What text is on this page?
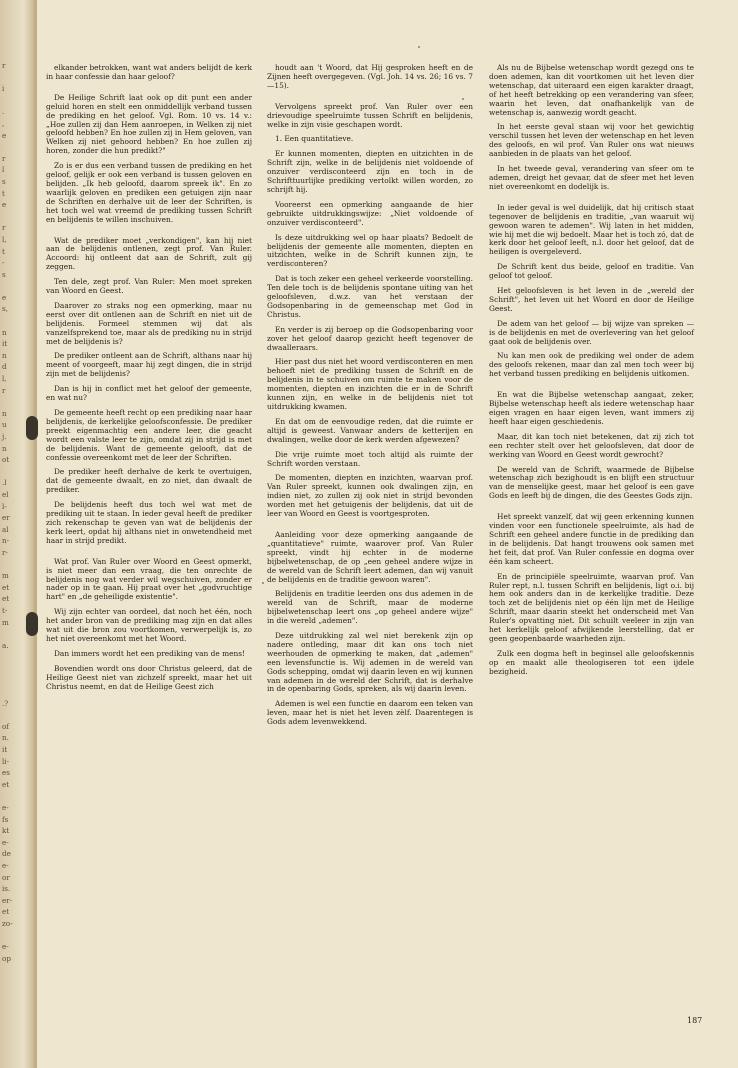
r

i

.
,
e

r
l
s
t
e

r
l,
t
-
s

e
s,

n
it
n
d
l,
r

n
u
j.
n
ot

.l
el
l-
er
al
n-
r-

m
et
et
t-
m

a.

.?

of
n.
it
li-
es
et

e-
fs
kt
e-
de
e-
or
is.
er-
et
zo-

e-
op

elkander betrokken, want wat anders belijdt de kerk in haar confessie dan haar geloof?

De Heilige Schrift laat ook op dit punt een ander geluid horen en stelt een onmiddellijk verband tussen de prediking en het geloof. Vgl. Rom. 10 vs. 14 v.: „Hoe zullen zij dan Hem aanroepen, in Welken zij niet geloofd hebben? En hoe zullen zij in Hem geloven, van Welken zij niet gehoord hebben? En hoe zullen zij horen, zonder die hun predikt?"

Zo is er dus een verband tussen de prediking en het geloof, gelijk er ook een verband is tussen geloven en belijden. „Ik heb geloofd, daarom spreek ik". En zo waarlijk geloven en prediken een getuigen zijn naar de Schriften en derhalve uit de leer der Schriften, is het toch wel wat vreemd de prediking tussen Schrift en belijdenis te willen inschuiven.

Wat de prediker moet „verkondigen", kan hij niet aan de belijdenis ontlenen, zegt prof. Van Ruler. Accoord: hij ontleent dat aan de Schrift, zult gij zeggen.

Ten dele, zegt prof. Van Ruler: Men moet spreken van Woord en Geest.

Daarover zo straks nog een opmerking, maar nu eerst over dit ontlenen aan de Schrift en niet uit de belijdenis. Formeel stemmen wij dat als vanzelfsprekend toe, maar als de prediking nu in strijd met de belijdenis is?

De prediker ontleent aan de Schrift, althans naar hij meent of voorgeeft, maar hij zegt dingen, die in strijd zijn met de belijdenis?

Dan is hij in conflict met het geloof der gemeente, en wat nu?

De gemeente heeft recht op een prediking naar haar belijdenis, de kerkelijke geloofsconfessie. De prediker preekt eigenmachtig een andere leer, die geacht wordt een valste leer te zijn, omdat zij in strijd is met de belijdenis. Want de gemeente gelooft, dat de confessie overeenkomt met de leer der Schriften.

De prediker heeft derhalve de kerk te overtuigen, dat de gemeente dwaalt, en zo niet, dan dwaalt de prediker.

De belijdenis heeft dus toch wel wat met de prediking uit te staan. In ieder geval heeft de prediker zich rekenschap te geven van wat de belijdenis der kerk leert, opdat hij althans niet in onwetendheid met haar in strijd predikt.

Wat prof. Van Ruler over Woord en Geest opmerkt, is niet meer dan een vraag, die ten onrechte de belijdenis nog wat verder wil wegschuiven, zonder er nader op in te gaan. Hij praat over het „godvruchtige hart" en „de geheiligde existentie".

Wij zijn echter van oordeel, dat noch het één, noch het ander bron van de prediking mag zijn en dat alles wat uit die bron zou voortkomen, verwerpelijk is, zo het niet overeenkomt met het Woord.

Dan immers wordt het een prediking van de mens!

Bovendien wordt ons door Christus geleerd, dat de Heilige Geest niet van zichzelf spreekt, maar het uit Christus neemt, en dat de Heilige Geest zich

houdt aan 't Woord, dat Hij gesproken heeft en de Zijnen heeft overgegeven. (Vgl. Joh. 14 vs. 26; 16 vs. 7—15).

Vervolgens spreekt prof. Van Ruler over een drievoudige speelruimte tussen Schrift en belijdenis, welke in zijn visie geschapen wordt.

1. Een quantitatieve.

Er kunnen momenten, diepten en uitzichten in de Schrift zijn, welke in de belijdenis niet voldoende of onzuiver verdisconteerd zijn en toch in de Schrifttuurlijke prediking vertolkt willen worden, zo schrijft hij.

Vooreerst een opmerking aangaande de hier gebruikte uitdrukkingswijze: „Niet voldoende of onzuiver verdisconteerd".

Is deze uitdrukking wel op haar plaats? Bedoelt de belijdenis der gemeente alle momenten, diepten en uitzichten, welke in de Schrift kunnen zijn, te verdisconteren?

Dat is toch zeker een geheel verkeerde voorstelling. Ten dele toch is de belijdenis spontane uiting van het geloofsleven, d.w.z. van het verstaan der Godsopenbaring in de gemeenschap met God in Christus.

En verder is zij beroep op die Godsopenbaring voor zover het geloof daarop gezicht heeft tegenover de dwaalleraars.

Hier past dus niet het woord verdisconteren en men behoeft niet de prediking tussen de Schrift en de belijdenis in te schuiven om ruimte te maken voor de momenten, diepten en inzichten die er in de Schrift kunnen zijn, en welke in de belijdenis niet tot uitdrukking kwamen.

En dat om de eenvoudige reden, dat die ruimte er altijd is geweest. Vanwaar anders de ketterijen en dwalingen, welke door de kerk werden afgewezen?

Die vrije ruimte moet toch altijd als ruimte der Schrift worden verstaan.

De momenten, diepten en inzichten, waarvan prof. Van Ruler spreekt, kunnen ook dwalingen zijn, en indien niet, zo zullen zij ook niet in strijd bevonden worden met het getuigenis der belijdenis, dat uit de leer van Woord en Geest is voortgesproten.

Aanleiding voor deze opmerking aangaande de „quantitatieve" ruimte, waarover prof. Van Ruler spreekt, vindt hij echter in de moderne bijbelwetenschap, de op „een geheel andere wijze in de wereld van de Schrift leert ademen, dan wij vanuit de belijdenis en de traditie gewoon waren".

Belijdenis en traditie leerden ons dus ademen in de wereld van de Schrift, maar de moderne bijbelwetenschap leert ons „op geheel andere wijze" in die wereld „ademen".

Deze uitdrukking zal wel niet berekenk zijn op nadere ontleding, maar dit kan ons toch niet weerhouden de opmerking te maken, dat „ademen" een levensfunctie is. Wij ademen in de wereld van Gods schepping, omdat wij daarin leven en wij kunnen van ademen in de wereld der Schrift, dat is derhalve in de openbaring Gods, spreken, als wij daarin leven.

Ademen is wel een functie en daarom een teken van leven, maar het is niet het leven zèlf. Daarentegen is Gods adem levenwekkend.

Als nu de Bijbelse wetenschap wordt gezegd ons te doen ademen, kan dit voortkomen uit het leven dier wetenschap, dat uiteraard een eigen karakter draagt, of het heeft betrekking op een verandering van sfeer, waarin het leven, dat onafhankelijk van de wetenschap is, aanwezig wordt geacht.

In het eerste geval staan wij voor het gewichtig verschil tussen het leven der wetenschap en het leven des geloofs, en wil prof. Van Ruler ons wat nieuws aanbieden in de plaats van het geloof.

In het tweede geval, verandering van sfeer om te ademen, dreigt het gevaar, dat de sfeer met het leven niet overeenkomt en dodelijk is.

In ieder geval is wel duidelijk, dat hij critisch staat tegenover de belijdenis en traditie, „van waaruit wij gewoon waren te ademen". Wij laten in het midden, wie hij met die wij bedoelt. Maar het is toch zó, dat de kerk door het geloof leeft, n.l. door het geloof, dat de heiligen is overgeleverd.

De Schrift kent dus beide, geloof en traditie. Van geloof tot geloof.

Het geloofsleven is het leven in de „wereld der Schrift", het leven uit het Woord en door de Heilige Geest.

De adem van het geloof — bij wijze van spreken — is de belijdenis en met de overlevering van het geloof gaat ook de belijdenis over.

Nu kan men ook de prediking wel onder de adem des geloofs rekenen, maar dan zal men toch weer bij het verband tussen prediking en belijdenis uitkomen.

En wat die Bijbelse wetenschap aangaat, zeker, Bijbelse wetenschap heeft als iedere wetenschap haar eigen vragen en haar eigen leven, want immers zij heeft haar eigen geschiedenis.

Maar, dit kan toch niet betekenen, dat zij zich tot een rechter stelt over het geloofsleven, dat door de werking van Woord en Geest wordt gewrocht?

De wereld van de Schrift, waarmede de Bijbelse wetenschap zich bezighoudt is en blijft een structuur van de menselijke geest, maar het geloof is een gave Gods en leeft bij de dingen, die des Geestes Gods zijn.

Het spreekt vanzelf, dat wij geen erkenning kunnen vinden voor een functionele speelruimte, als had de Schrift een geheel andere functie in de prediking dan in de belijdenis. Dat hangt trouwens ook samen met het feit, dat prof. Van Ruler confessie en dogma over één kam scheert.

En de principiële speelruimte, waarvan prof. Van Ruler rept, n.l. tussen Schrift en belijdenis, ligt o.i. bij hem ook anders dan in de kerkelijke traditie. Deze toch zet de belijdenis niet op één lijn met de Heilige Schrift, maar daarin steekt het onderscheid met Van Ruler's opvatting niet. Dit schuilt veeleer in zijn van het kerkelijk geloof afwijkende leerstelling, dat er geen geopenbaarde waarheden zijn.

Zulk een dogma heft in beginsel alle geloofskennis op en maakt alle theologiseren tot een ijdele bezigheid.

187
